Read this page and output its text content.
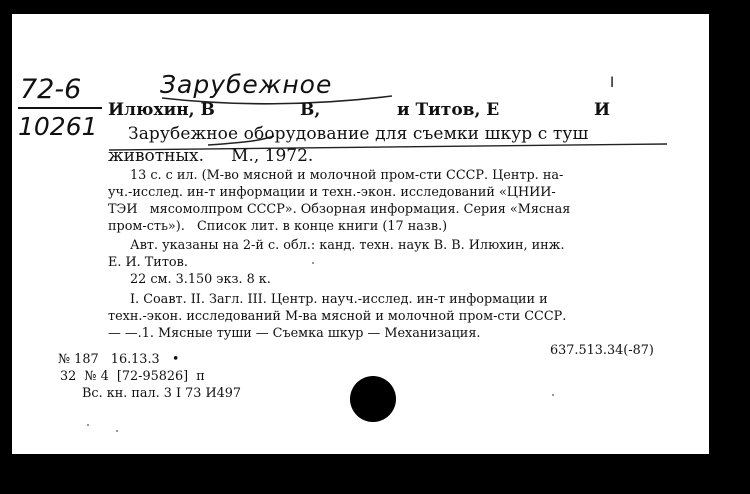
72-6
10261
Зарубежное	I
Илюхин, В	В,	и Титов, Е	И
Зарубежное оборудование для съемки шкур с туш
животных.     М., 1972.
13 с. с ил. (М-во мясной и молочной пром-сти СССР. Центр. на-
уч.-исслед. ин-т информации и техн.-экон. исследований «ЦНИИ-
ТЭИ   мясомолпром СССР». Обзорная информация. Серия «Мясная
пром-сть»).   Список лит. в конце книги (17 назв.)
Авт. указаны на 2-й с. обл.: канд. техн. наук В. В. Илюхин, инж.
Е. И. Титов.
22 см. 3.150 экз. 8 к.
I. Соавт. II. Загл. III. Центр. науч.-исслед. ин-т информации и
техн.-экон. исследований М-ва мясной и молочной пром-сти СССР.
— —.1. Мясные туши — Съемка шкур — Механизация.
637.513.34(-87)
№ 187   16.13.3   •
32  № 4  [72-95826]  п
Вс. кн. пал. 3 I 73 И497
